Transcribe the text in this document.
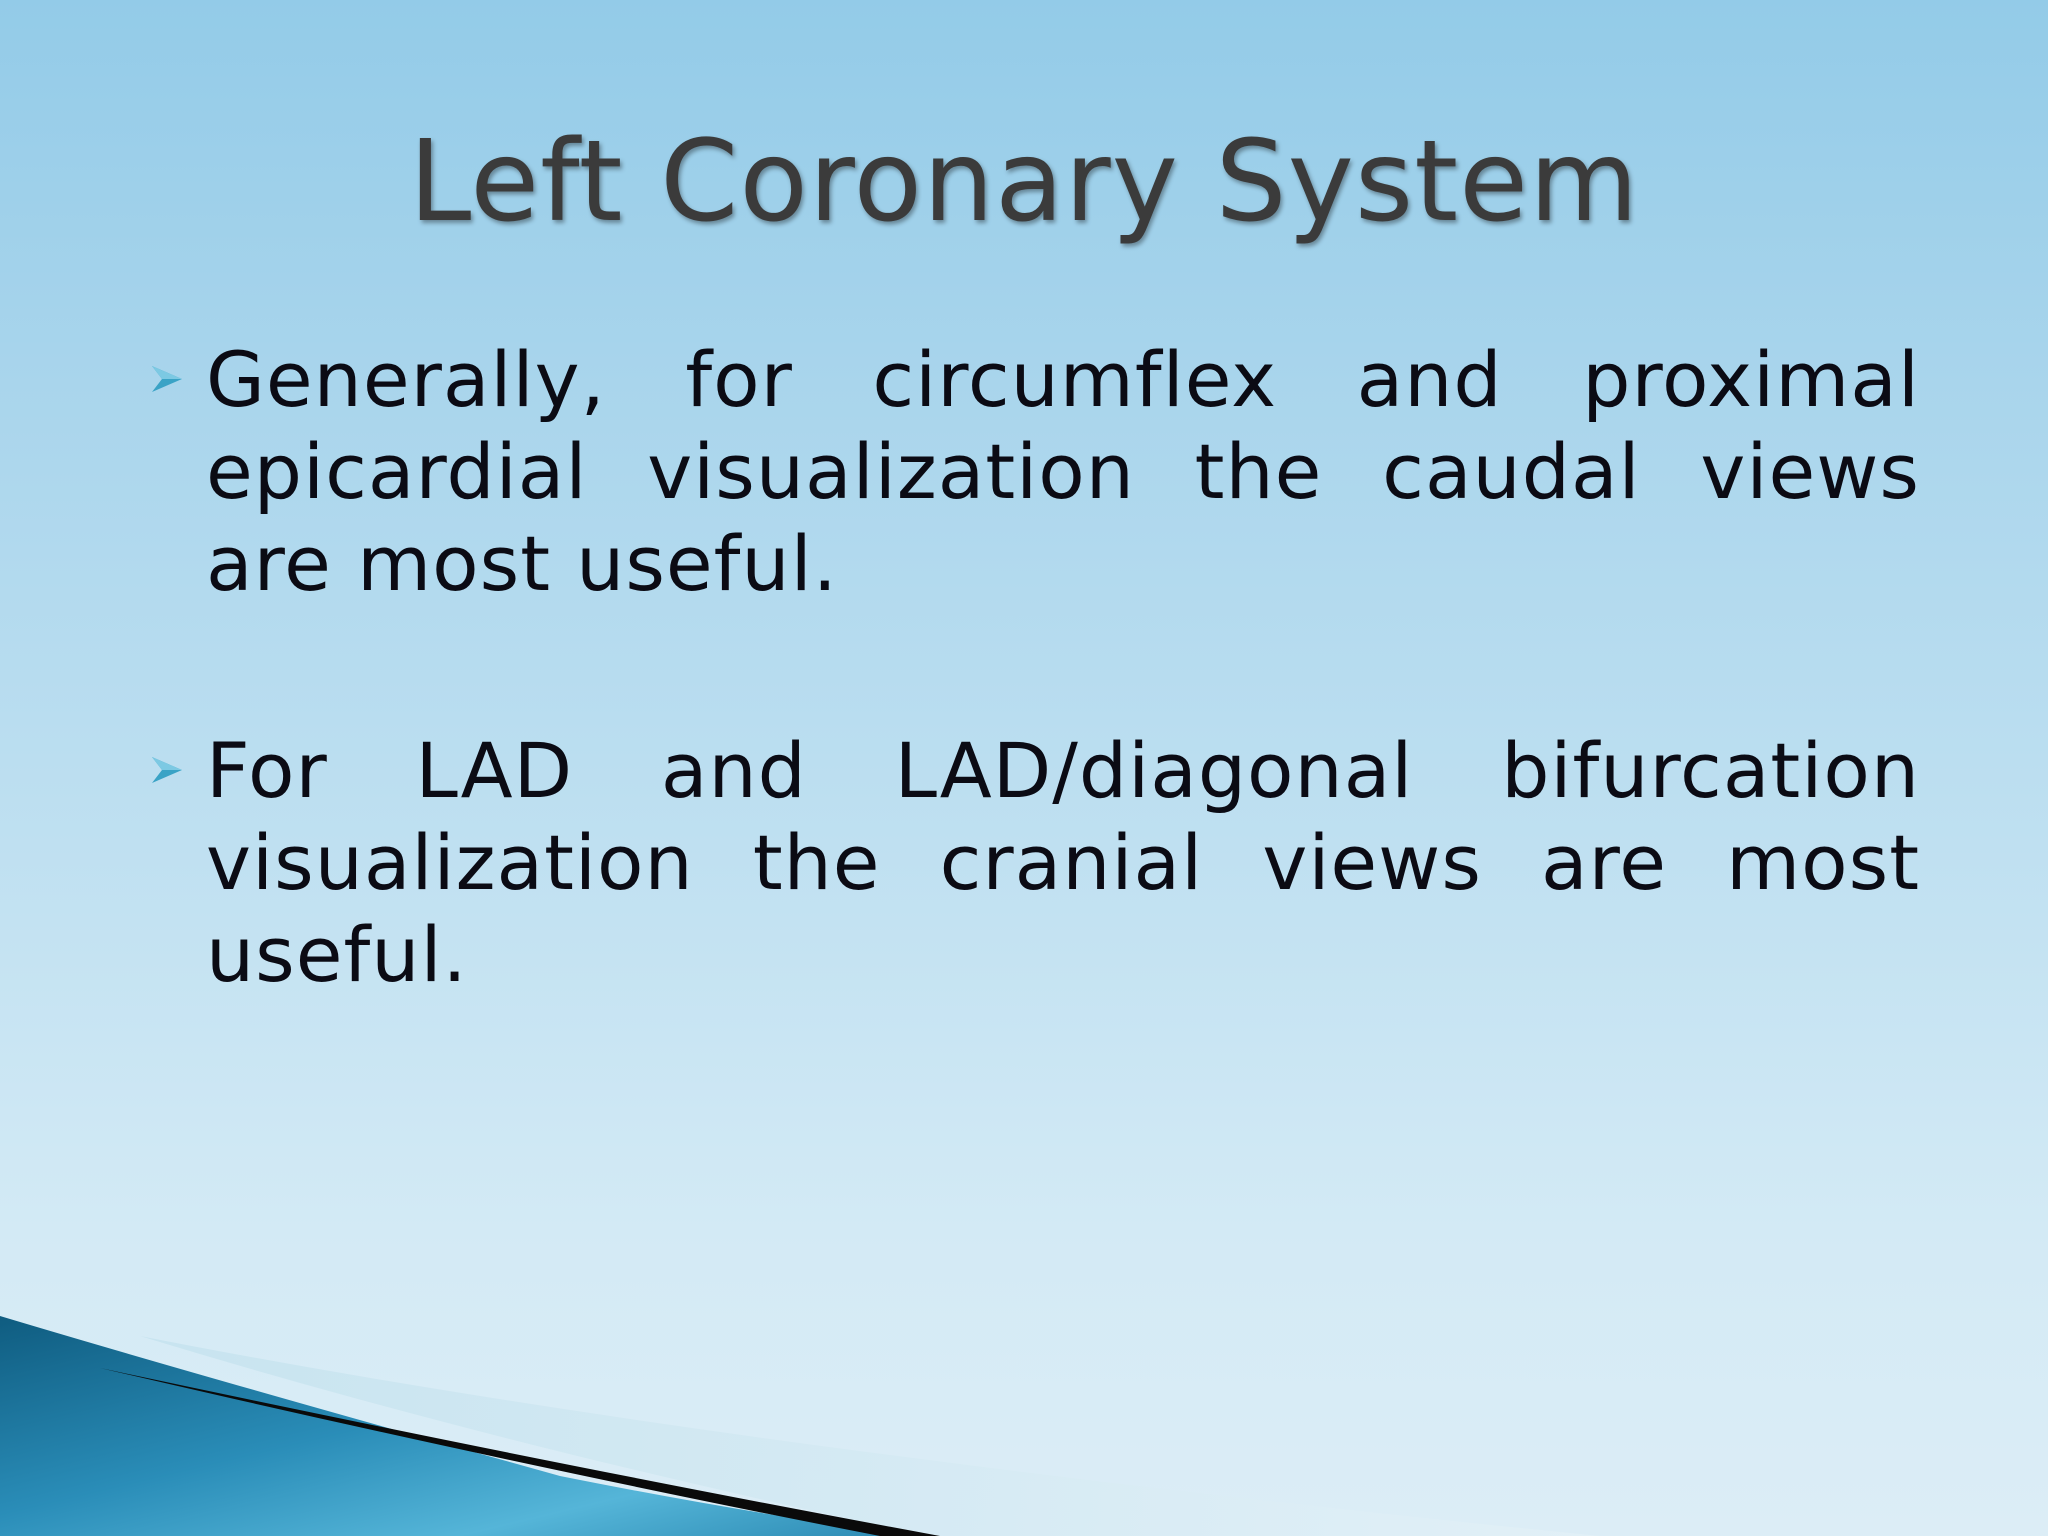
Left Coronary System

Generally, for circumflex and proximal epicardial visualization the caudal views are most useful.

For LAD and LAD/diagonal bifurcation visualization the cranial views are most useful.
